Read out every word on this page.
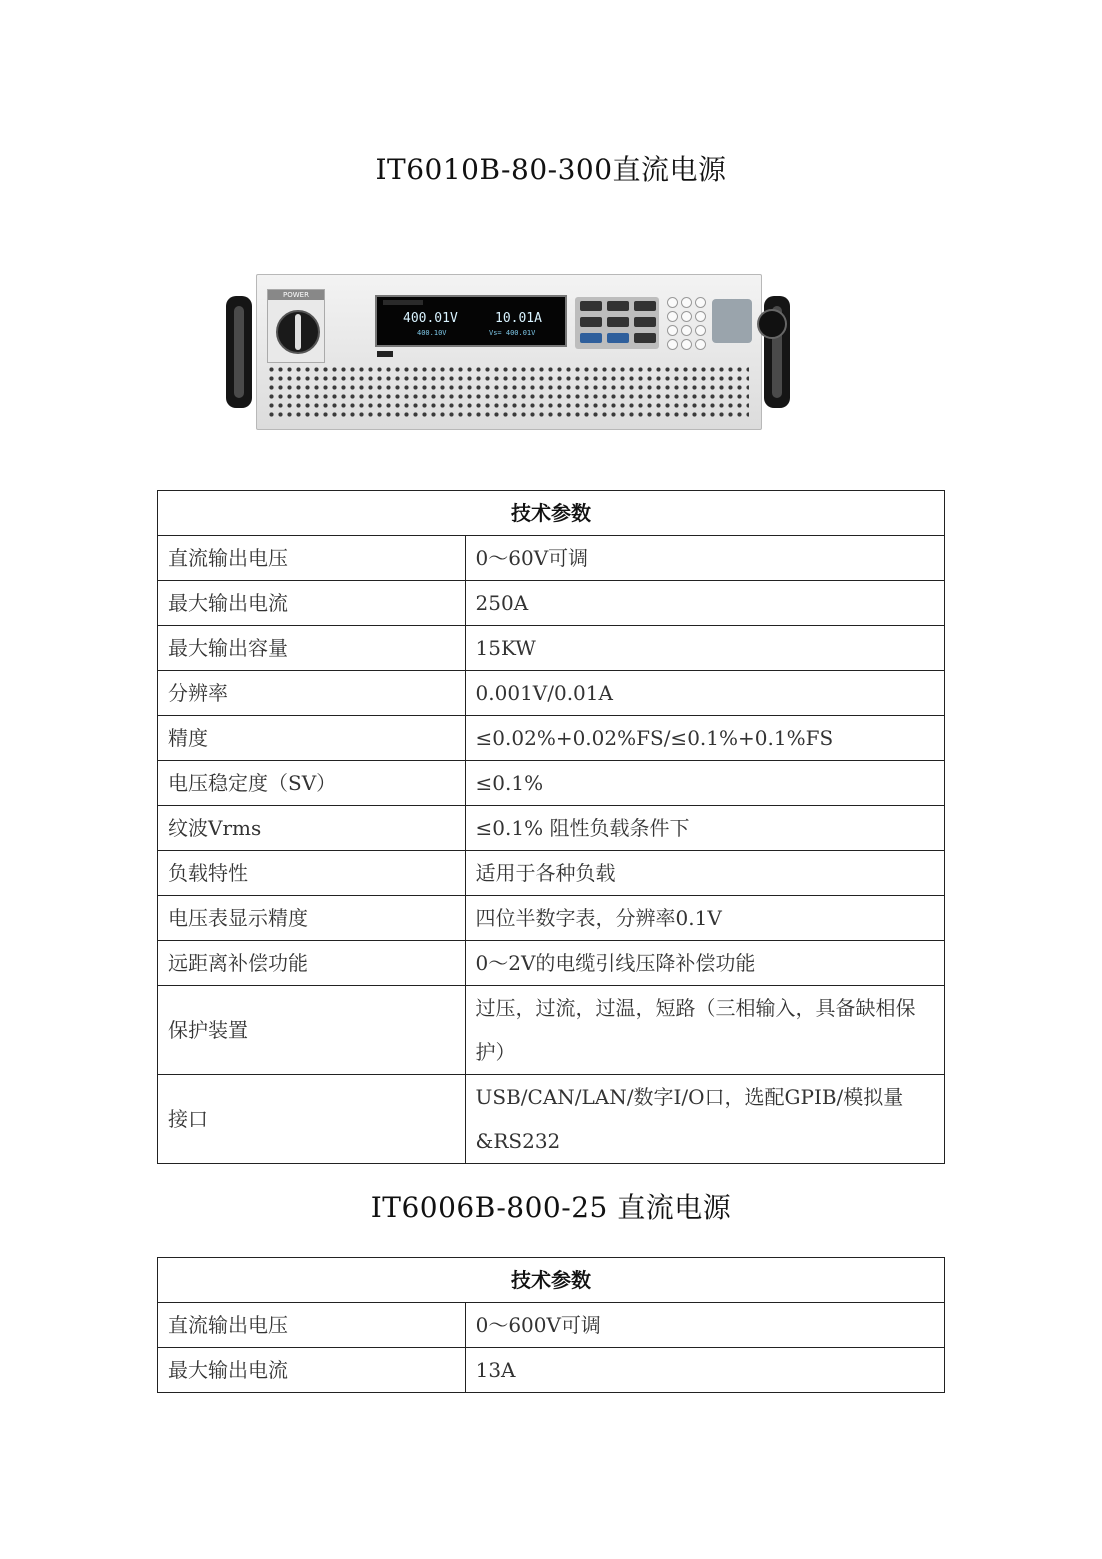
IT6010B-80-300直流电源
POWER
400.01V	10.01A
400.10V	Vs= 400.01V
技术参数	
直流输出电压	0～60V可调
最大输出电流	250A
最大输出容量	15KW
分辨率	0.001V/0.01A
精度	≤0.02%+0.02%FS/≤0.1%+0.1%FS
电压稳定度（SV）	≤0.1%
纹波Vrms	≤0.1% 阻性负载条件下
负载特性	适用于各种负载
电压表显示精度	四位半数字表，分辨率0.1V
远距离补偿功能	0～2V的电缆引线压降补偿功能
保护装置	过压，过流，过温，短路（三相输入，具备缺相保护）
接口	USB/CAN/LAN/数字I/O口，选配GPIB/模拟量&RS232
IT6006B-800-25 直流电源
技术参数	
直流输出电压	0～600V可调
最大输出电流	13A
